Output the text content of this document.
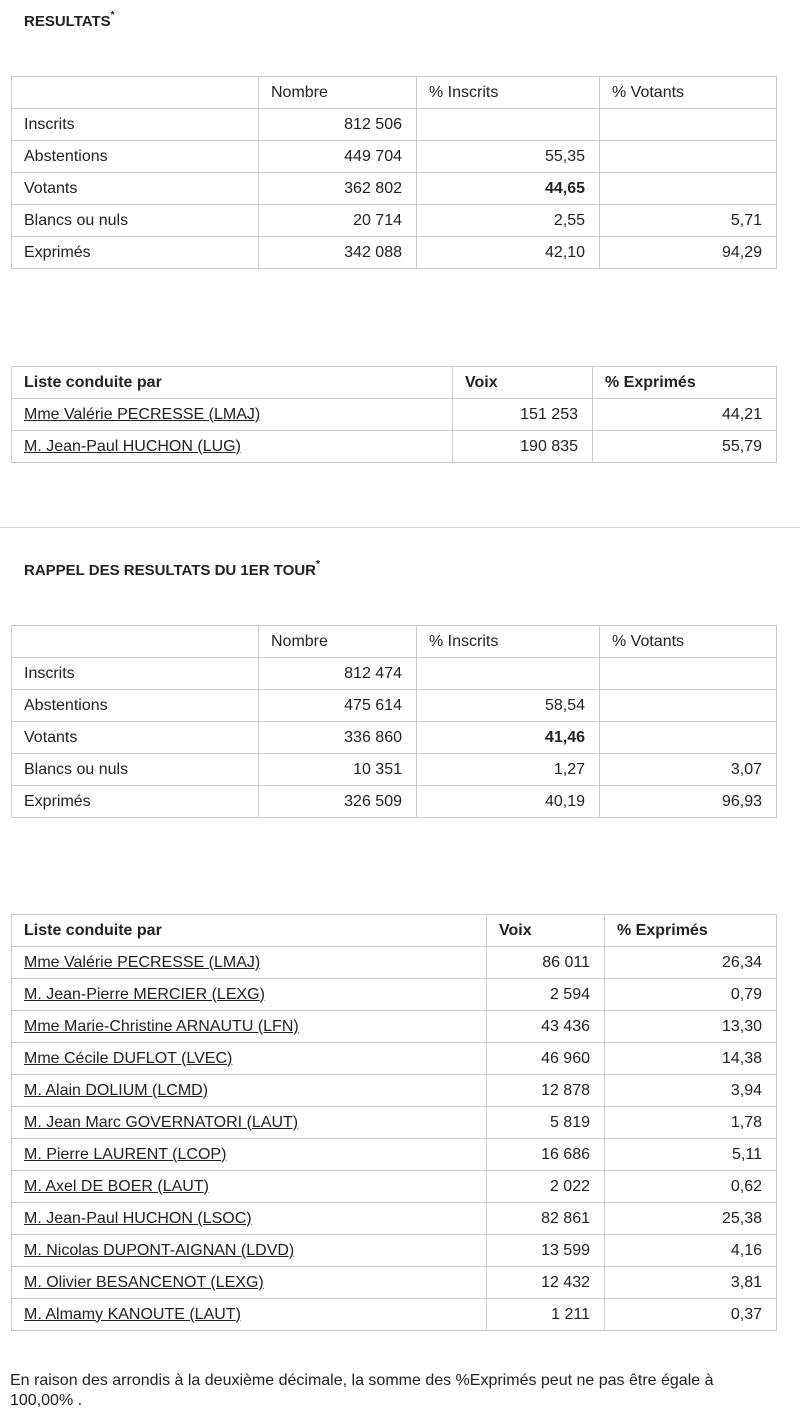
RESULTATS*
	Nombre	% Inscrits	% Votants
Inscrits	812 506		
Abstentions	449 704	55,35	
Votants	362 802	44,65	
Blancs ou nuls	20 714	2,55	5,71
Exprimés	342 088	42,10	94,29
Liste conduite par	Voix	% Exprimés
Mme Valérie PECRESSE (LMAJ)	151 253	44,21
M. Jean-Paul HUCHON (LUG)	190 835	55,79
RAPPEL DES RESULTATS DU 1ER TOUR*
	Nombre	% Inscrits	% Votants
Inscrits	812 474		
Abstentions	475 614	58,54	
Votants	336 860	41,46	
Blancs ou nuls	10 351	1,27	3,07
Exprimés	326 509	40,19	96,93
Liste conduite par	Voix	% Exprimés
Mme Valérie PECRESSE (LMAJ)	86 011	26,34
M. Jean-Pierre MERCIER (LEXG)	2 594	0,79
Mme Marie-Christine ARNAUTU (LFN)	43 436	13,30
Mme Cécile DUFLOT (LVEC)	46 960	14,38
M. Alain DOLIUM (LCMD)	12 878	3,94
M. Jean Marc GOVERNATORI (LAUT)	5 819	1,78
M. Pierre LAURENT (LCOP)	16 686	5,11
M. Axel DE BOER (LAUT)	2 022	0,62
M. Jean-Paul HUCHON (LSOC)	82 861	25,38
M. Nicolas DUPONT-AIGNAN (LDVD)	13 599	4,16
M. Olivier BESANCENOT (LEXG)	12 432	3,81
M. Almamy KANOUTE (LAUT)	1 211	0,37
En raison des arrondis à la deuxième décimale, la somme des %Exprimés peut ne pas être égale à 100,00% .
